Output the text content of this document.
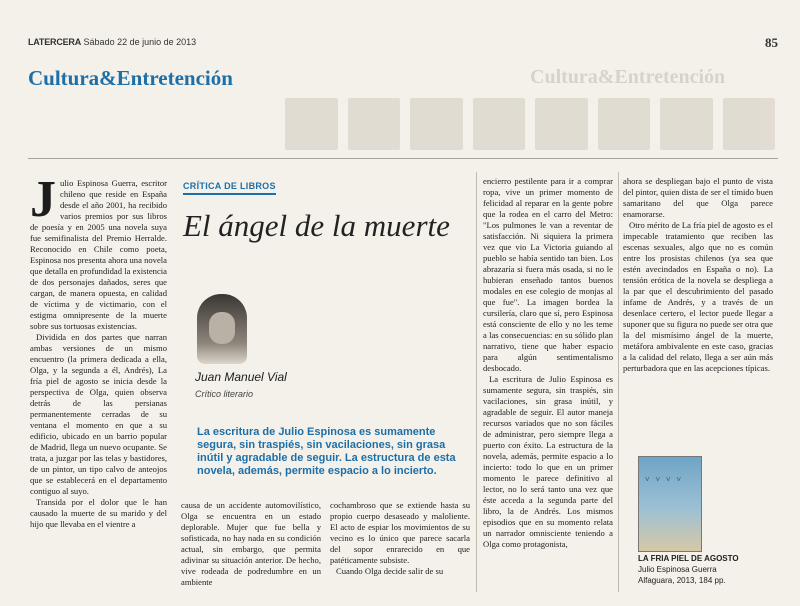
LATERCERA Sábado 22 de junio de 2013	85
Cultura&Entretención	Cultura&Entretención
J ulio Espinosa Guerra, escritor chileno que reside en España desde el año 2001, ha recibido varios premios por sus libros de poesía y en 2005 una novela suya fue semifinalista del Premio Herralde. Reconocido en Chile como poeta, Espinosa nos presenta ahora una novela que detalla en profundidad la existencia de dos personajes dañados, seres que cargan, de manera opuesta, en calidad de víctima y de victimario, con el estigma omnipresente de la muerte sobre sus tortuosas existencias.

Dividida en dos partes que narran ambas versiones de un mismo encuentro (la primera dedicada a ella, Olga, y la segunda a él, Andrés), La fría piel de agosto se inicia desde la perspectiva de Olga, quien observa detrás de las persianas permanentemente cerradas de su ventana el momento en que a su edificio, ubicado en un barrio popular de Madrid, llega un nuevo ocupante. Se trata, a juzgar por las telas y bastidores, de un pintor, un tipo calvo de anteojos que se establecerá en el departamento contiguo al suyo.

Transida por el dolor que le han causado la muerte de su marido y del hijo que llevaba en el vientre a

CRÍTICA DE LIBROS
El ángel de la muerte
Juan Manuel Vial
Crítico literario
La escritura de Julio Espinosa es sumamente segura, sin traspiés, sin vacilaciones, sin grasa inútil y agradable de seguir. La estructura de esta novela, además, permite espacio a lo incierto.

causa de un accidente automovilístico, Olga se encuentra en un estado deplorable. Mujer que fue bella y sofisticada, no hay nada en su condición actual, sin embargo, que permita adivinar su situación anterior. De hecho, vive rodeada de podredumbre en un ambiente

cochambroso que se extiende hasta su propio cuerpo desaseado y maloliente. El acto de espiar los movimientos de su vecino es lo único que parece sacarla del sopor enrarecido en que patéticamente subsiste.

Cuando Olga decide salir de su

encierro pestilente para ir a comprar ropa, vive un primer momento de felicidad al reparar en la gente pobre que la rodea en el carro del Metro: "Los pulmones le van a reventar de satisfacción. Ni siquiera la primera vez que vio La Victoria guiando al pueblo se había sentido tan bien. Los abrazaría si fuera más osada, si no le hubieran enseñado tantos buenos modales en ese colegio de monjas al que fue". La imagen bordea la cursilería, claro que sí, pero Espinosa está consciente de ello y no les teme a las consecuencias: en su sólido plan narrativo, tiene que haber espacio para algún sentimentalismo desbocado.

La escritura de Julio Espinosa es sumamente segura, sin traspiés, sin vacilaciones, sin grasa inútil, y agradable de seguir. El autor maneja recursos variados que no son fáciles de administrar, pero siempre llega a puerto con éxito. La estructura de la novela, además, permite espacio a lo incierto: todo lo que en un primer momento le parece definitivo al lector, no lo será tanto una vez que éste acceda a la segunda parte del libro, la de Andrés. Los mismos episodios que en su momento relata un narrador omnisciente teniendo a Olga como protagonista,

ahora se despliegan bajo el punto de vista del pintor, quien dista de ser el tímido buen samaritano del que Olga parece enamorarse.

Otro mérito de La fría piel de agosto es el impecable tratamiento que reciben las escenas sexuales, algo que no es común entre los prosistas chilenos (ya sea que estén avecindados en España o no). La tensión erótica de la novela se despliega a la par que el descubrimiento del pasado infame de Andrés, y a través de un desenlace certero, el lector puede llegar a suponer que su figura no puede ser otra que la del mismísimo ángel de la muerte, metáfora ambivalente en este caso, gracias a la calidad del relato, llega a ser aún más perturbadora que en las acepciones típicas.

˅ ˅ ˅ ˅
LA FRIA PIEL DE AGOSTO
Julio Espinosa Guerra
Alfaguara, 2013, 184 pp.
